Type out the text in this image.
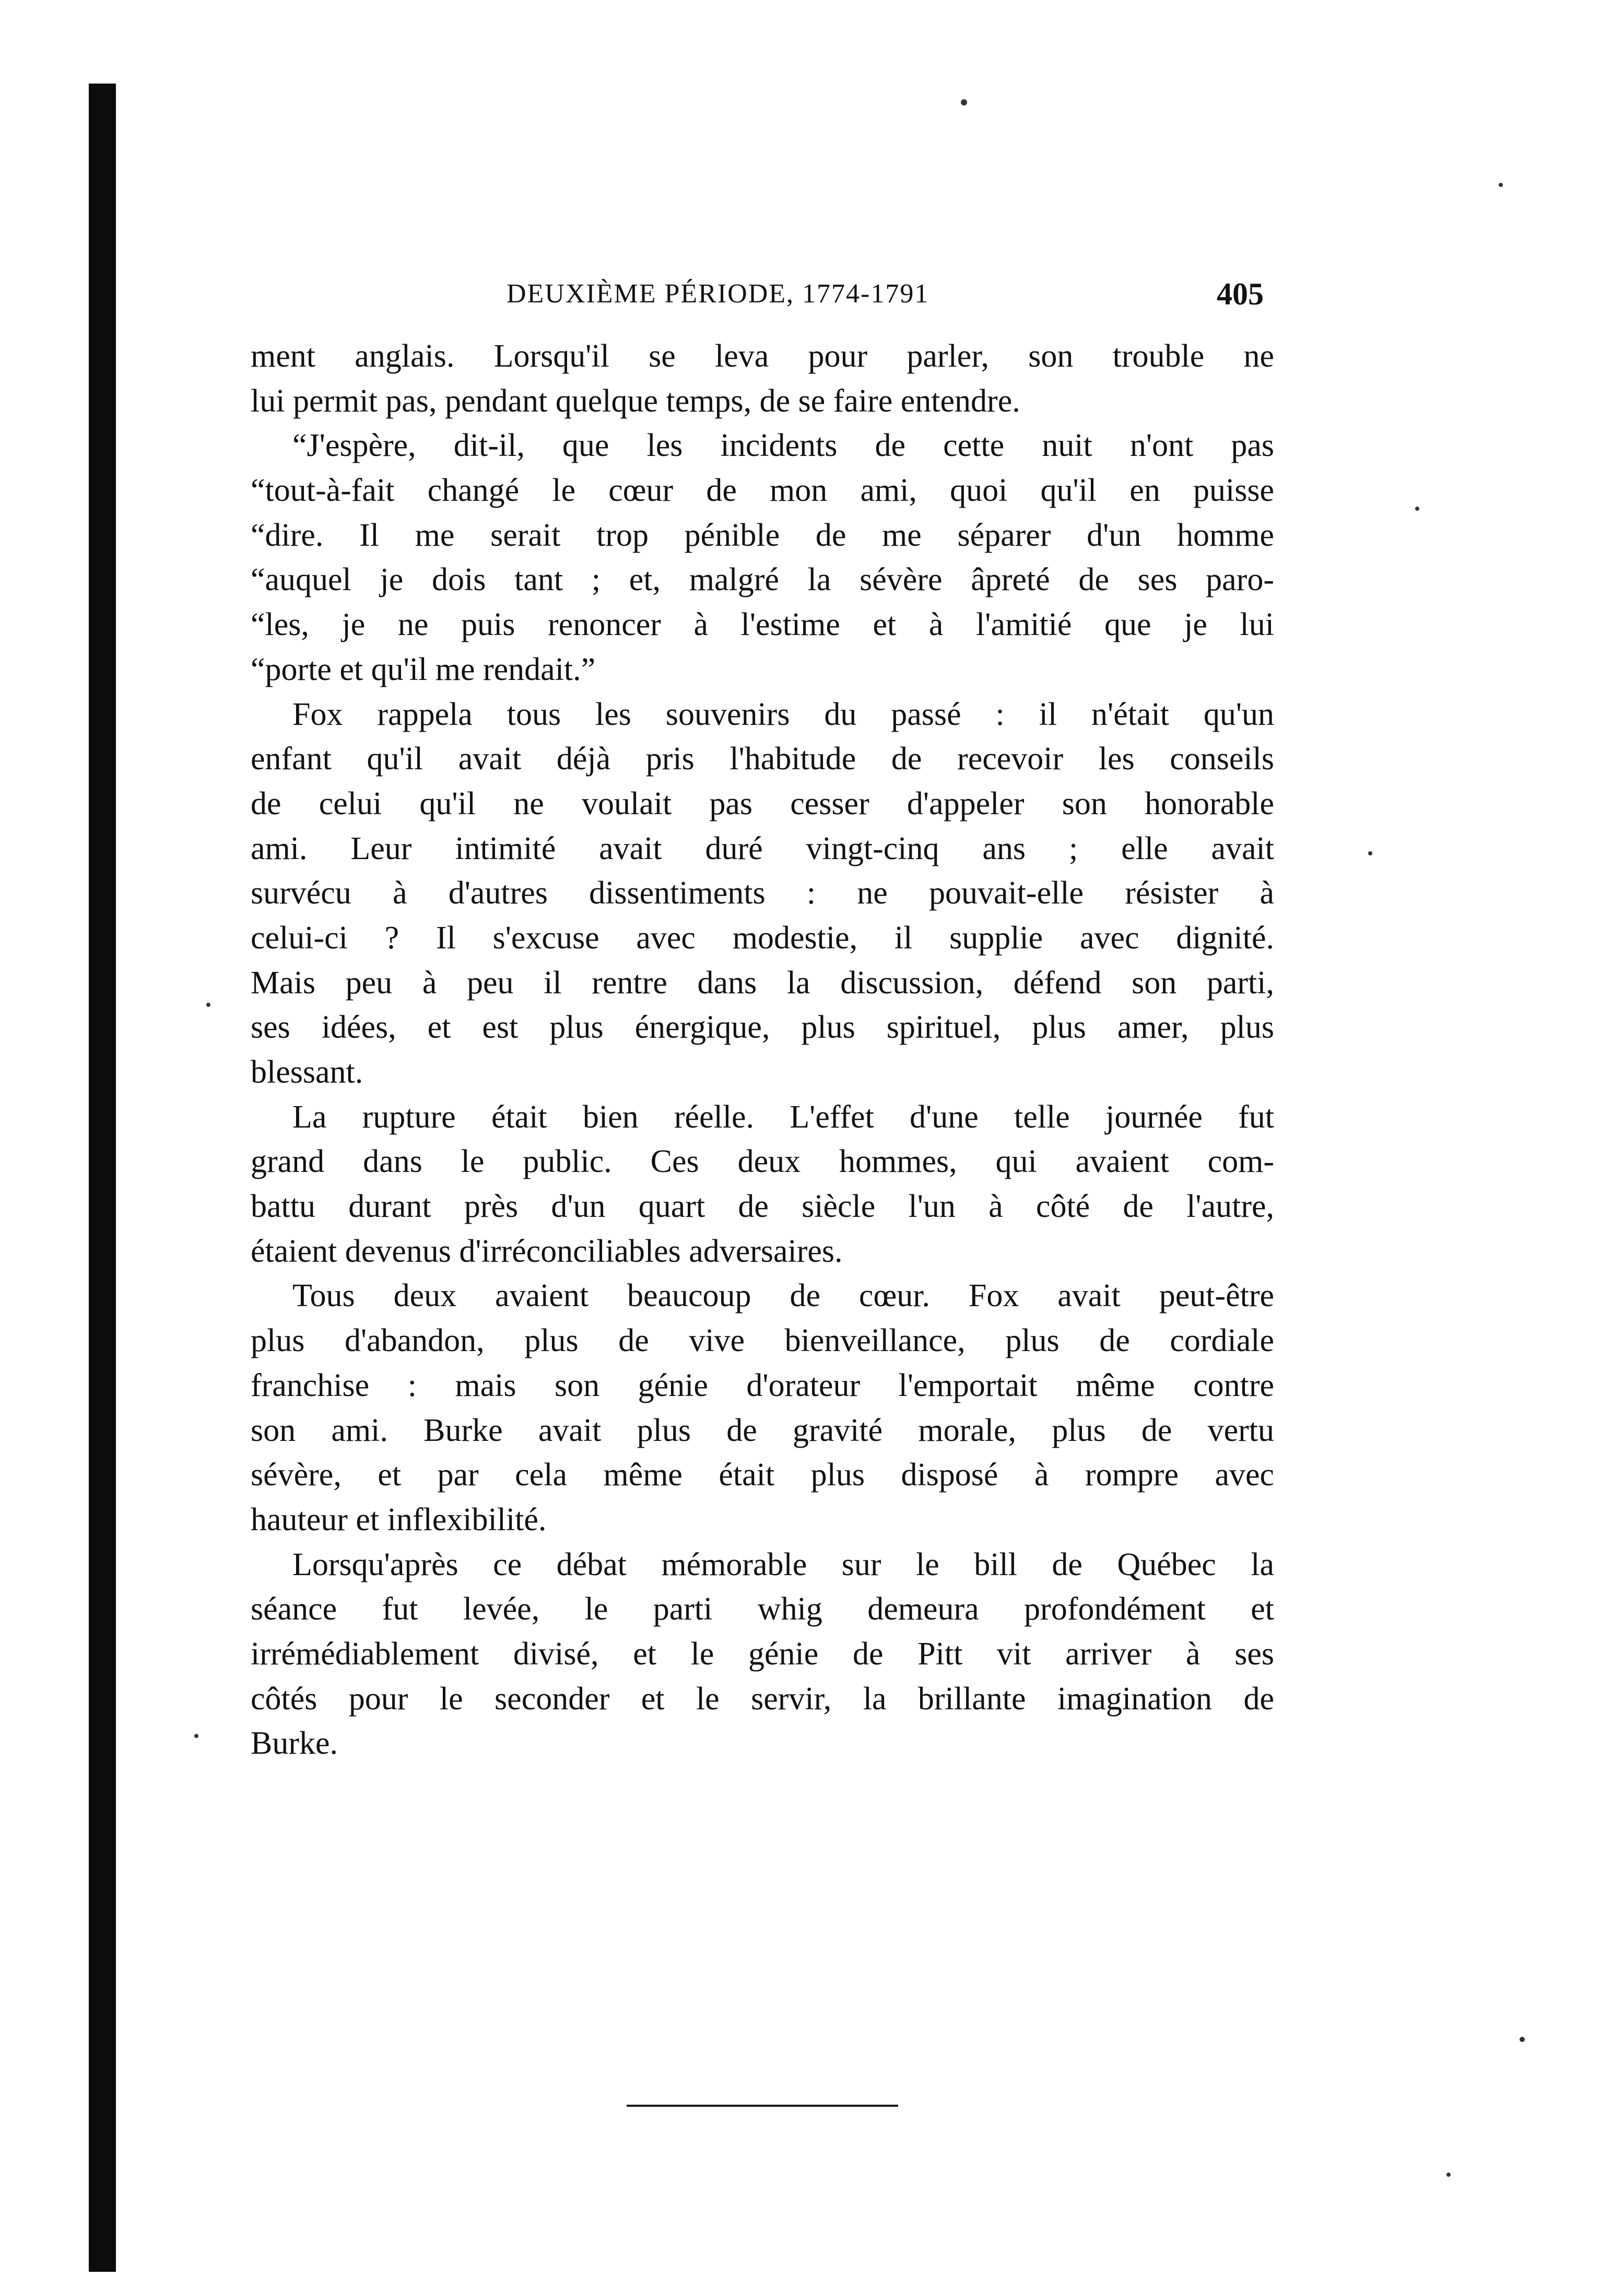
DEUXIÈME PÉRIODE, 1774-1791	405
ment anglais. Lorsqu'il se leva pour parler, son trouble ne
lui permit pas, pendant quelque temps, de se faire entendre.
“J'espère, dit-il, que les incidents de cette nuit n'ont pas
“tout-à-fait changé le cœur de mon ami, quoi qu'il en puisse
“dire. Il me serait trop pénible de me séparer d'un homme
“auquel je dois tant ; et, malgré la sévère âpreté de ses paro-
“les, je ne puis renoncer à l'estime et à l'amitié que je lui
“porte et qu'il me rendait.”
Fox rappela tous les souvenirs du passé : il n'était qu'un
enfant qu'il avait déjà pris l'habitude de recevoir les conseils
de celui qu'il ne voulait pas cesser d'appeler son honorable
ami. Leur intimité avait duré vingt-cinq ans ; elle avait
survécu à d'autres dissentiments : ne pouvait-elle résister à
celui-ci ? Il s'excuse avec modestie, il supplie avec dignité.
Mais peu à peu il rentre dans la discussion, défend son parti,
ses idées, et est plus énergique, plus spirituel, plus amer, plus
blessant.
La rupture était bien réelle. L'effet d'une telle journée fut
grand dans le public. Ces deux hommes, qui avaient com-
battu durant près d'un quart de siècle l'un à côté de l'autre,
étaient devenus d'irréconciliables adversaires.
Tous deux avaient beaucoup de cœur. Fox avait peut-être
plus d'abandon, plus de vive bienveillance, plus de cordiale
franchise : mais son génie d'orateur l'emportait même contre
son ami. Burke avait plus de gravité morale, plus de vertu
sévère, et par cela même était plus disposé à rompre avec
hauteur et inflexibilité.
Lorsqu'après ce débat mémorable sur le bill de Québec la
séance fut levée, le parti whig demeura profondément et
irrémédiablement divisé, et le génie de Pitt vit arriver à ses
côtés pour le seconder et le servir, la brillante imagination de
Burke.
